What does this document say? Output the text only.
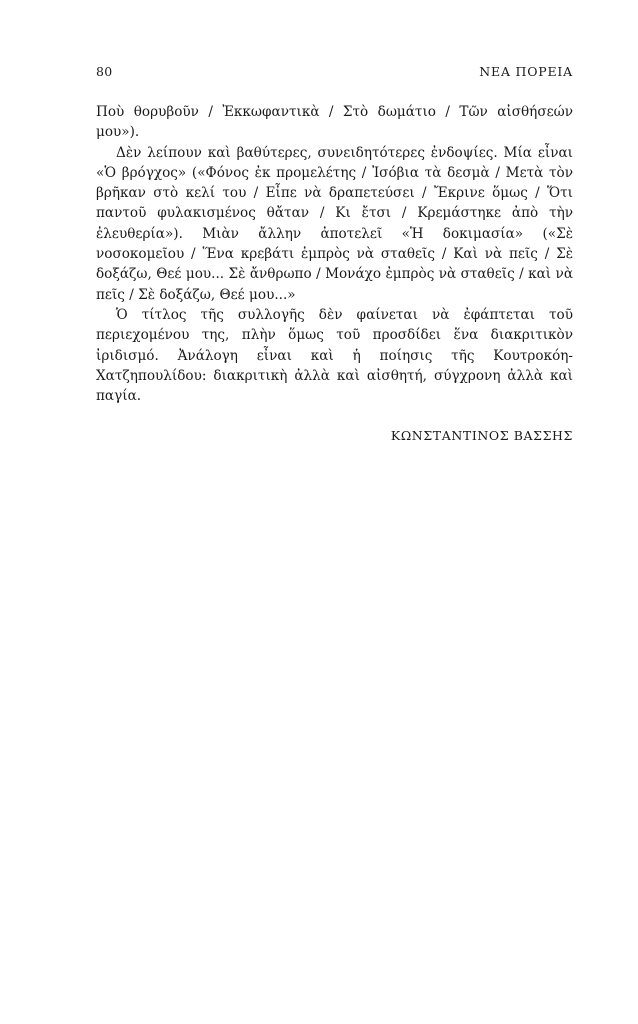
80	ΝΕΑ ΠΟΡΕΙΑ

Ποὺ θορυβοῦν / Ἐκκωφαντικὰ / Στὸ δωμάτιο / Τῶν αἰσθήσεών μου»).

Δὲν λείπουν καὶ βαθύτερες, συνειδητότερες ἐνδοψίες. Μία εἶναι «Ὁ βρόγχος» («Φόνος ἐκ προμελέτης / Ἰσόβια τὰ δεσμὰ / Μετὰ τὸν βρῆκαν στὸ κελί του / Εἶπε νὰ δραπετεύσει / Ἔκρινε ὅμως / Ὅτι παντοῦ φυλακισμένος θἄταν / Κι ἔτσι / Κρεμάστηκε ἀπὸ τὴν ἐλευθερία»). Μιὰν ἄλλην ἀποτελεῖ «Ἡ δοκιμασία» («Σὲ νοσοκομεῖου / Ἕνα κρεβάτι ἐμπρὸς νὰ σταθεῖς / Καὶ νὰ πεῖς / Σὲ δοξάζω, Θεέ μου... Σὲ ἄνθρωπο / Μονάχο ἐμπρὸς νὰ σταθεῖς / καὶ νὰ πεῖς / Σὲ δοξάζω, Θεέ μου...»

Ὁ τίτλος τῆς συλλογῆς δὲν φαίνεται νὰ ἐφάπτεται τοῦ περιεχομένου της, πλὴν ὅμως τοῦ προσδίδει ἕνα διακριτικὸν ἰριδισμό. Ἀνάλογη εἶναι καὶ ἡ ποίησις τῆς Κουτροκόη-Χατζηπουλίδου: διακριτικὴ ἀλλὰ καὶ αἰσθητή, σύγχρονη ἀλλὰ καὶ παγία.

ΚΩΝΣΤΑΝΤΙΝΟΣ ΒΑΣΣΗΣ
